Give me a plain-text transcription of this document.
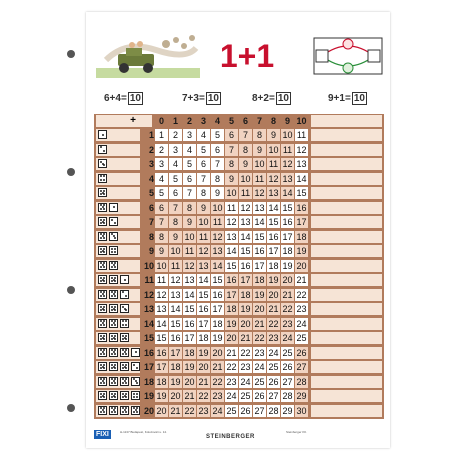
1+1
6+4= 10	7+3= 10	8+2= 10	9+1= 10
+	0 1 2 3 4 5 6 7 8 9 10
1 1 2 3 4 5 6 7 8 9 10 11
2 2 3 4 5 6 7 8 9 10 11 12
3 3 4 5 6 7 8 9 10 11 12 13
4 4 5 6 7 8 9 10 11 12 13 14
5 5 6 7 8 9 10 11 12 13 14 15
6 6 7 8 9 10 11 12 13 14 15 16
7 7 8 9 10 11 12 13 14 15 16 17
8 8 9 10 11 12 13 14 15 16 17 18
9 9 10 11 12 13 14 15 16 17 18 19
10 10 11 12 13 14 15 16 17 18 19 20
11 11 12 13 14 15 16 17 18 19 20 21
12 12 13 14 15 16 17 18 19 20 21 22
13 13 14 15 16 17 18 19 20 21 22 23
14 14 15 16 17 18 19 20 21 22 23 24
15 15 16 17 18 19 20 21 22 23 24 25
16 16 17 18 19 20 21 22 23 24 25 26
17 17 18 19 20 21 22 23 24 25 26 27
18 18 19 20 21 22 23 24 25 26 27 28
19 19 20 21 22 23 24 25 26 27 28 29
20 20 21 22 23 24 25 26 27 28 29 30
FIXI	H-1137 Budapest, Kolozsvári u. 12.
STEINBERGER
Steinberger Kft.
